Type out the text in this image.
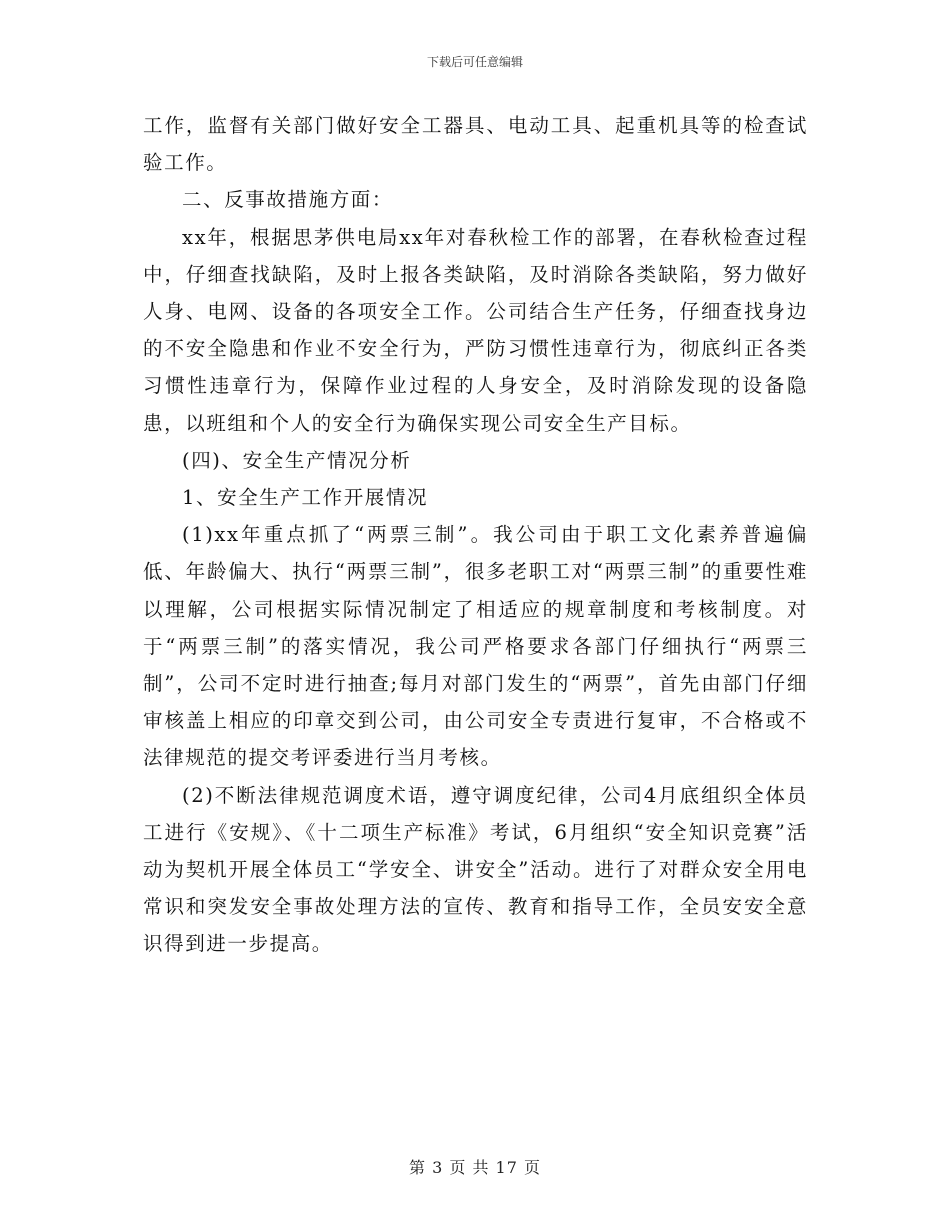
下载后可任意编辑

工作，监督有关部门做好安全工器具、电动工具、起重机具等的检查试验工作。

二、反事故措施方面：

xx年，根据思茅供电局xx年对春秋检工作的部署，在春秋检查过程中，仔细查找缺陷，及时上报各类缺陷，及时消除各类缺陷，努力做好人身、电网、设备的各项安全工作。公司结合生产任务，仔细查找身边的不安全隐患和作业不安全行为，严防习惯性违章行为，彻底纠正各类习惯性违章行为，保障作业过程的人身安全，及时消除发现的设备隐患，以班组和个人的安全行为确保实现公司安全生产目标。

(四)、安全生产情况分析

1、安全生产工作开展情况

(1)xx年重点抓了“两票三制”。我公司由于职工文化素养普遍偏低、年龄偏大、执行“两票三制”，很多老职工对“两票三制”的重要性难以理解，公司根据实际情况制定了相适应的规章制度和考核制度。对于“两票三制”的落实情况，我公司严格要求各部门仔细执行“两票三制”，公司不定时进行抽查;每月对部门发生的“两票”，首先由部门仔细审核盖上相应的印章交到公司，由公司安全专责进行复审，不合格或不法律规范的提交考评委进行当月考核。

(2)不断法律规范调度术语，遵守调度纪律，公司4月底组织全体员工进行《安规》、《十二项生产标准》考试，6月组织“安全知识竞赛”活动为契机开展全体员工“学安全、讲安全”活动。进行了对群众安全用电常识和突发安全事故处理方法的宣传、教育和指导工作，全员安安全意识得到进一步提高。

第 3 页 共 17 页
